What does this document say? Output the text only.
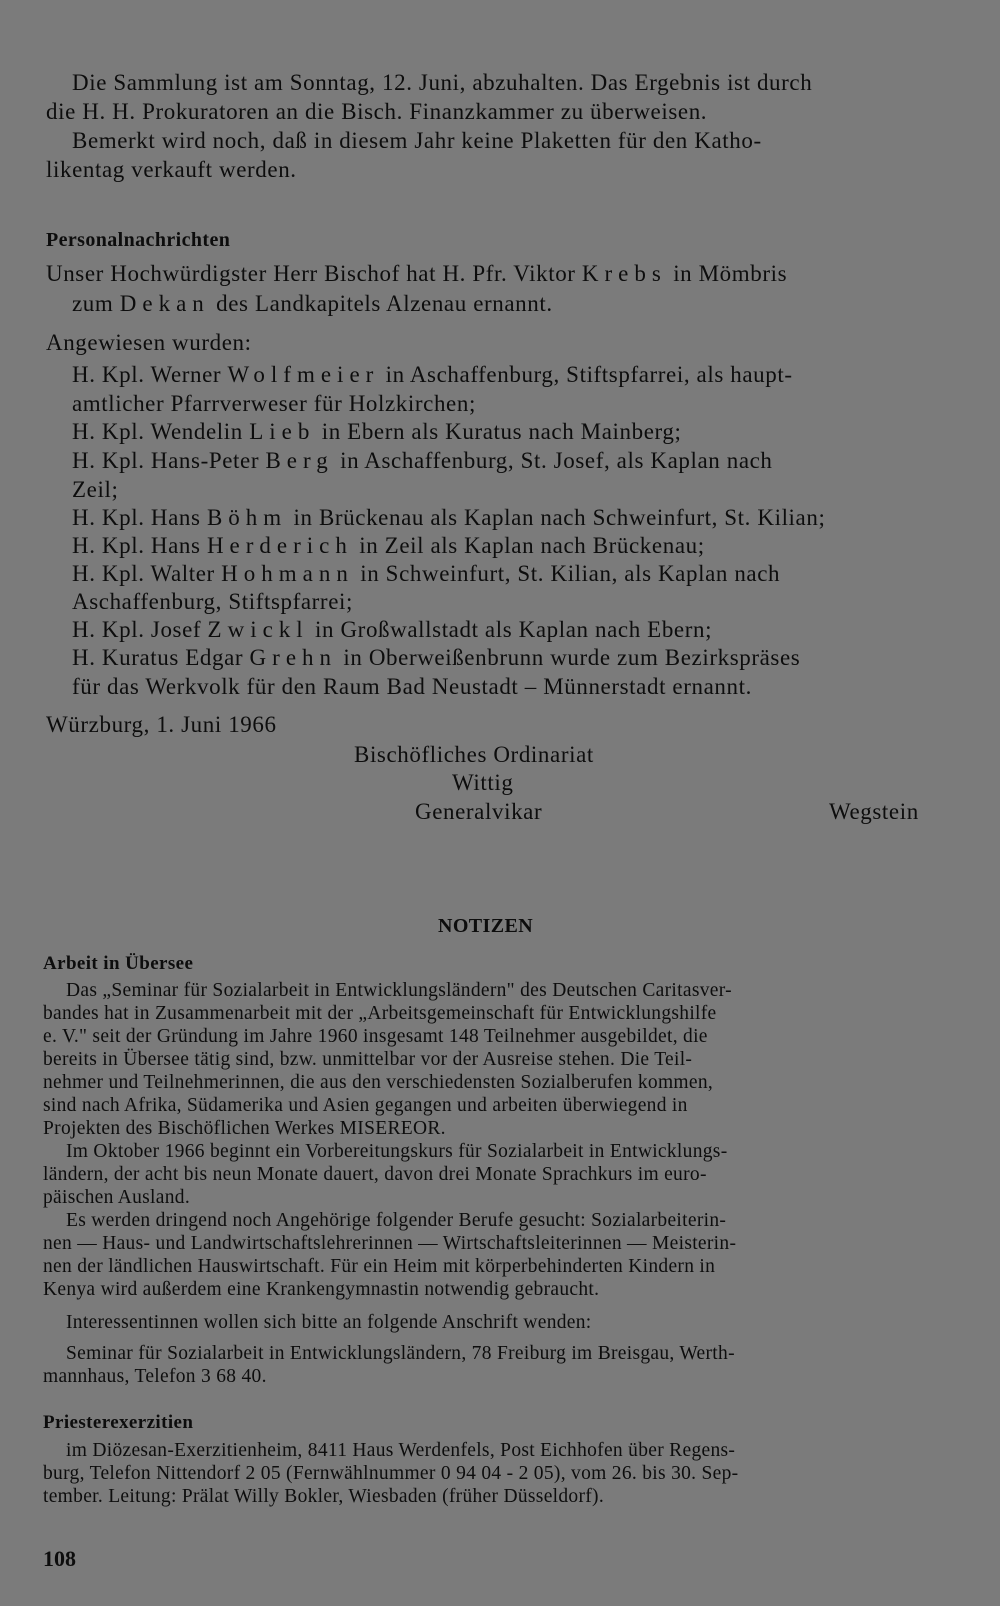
Die Sammlung ist am Sonntag, 12. Juni, abzuhalten. Das Ergebnis ist durch
die H. H. Prokuratoren an die Bisch. Finanzkammer zu überweisen.
Bemerkt wird noch, daß in diesem Jahr keine Plaketten für den Katho-
likentag verkauft werden.
Personalnachrichten
Unser Hochwürdigster Herr Bischof hat H. Pfr. Viktor Krebs in Mömbris
zum Dekan des Landkapitels Alzenau ernannt.
Angewiesen wurden:
H. Kpl. Werner Wolfmeier in Aschaffenburg, Stiftspfarrei, als haupt-
amtlicher Pfarrverweser für Holzkirchen;
H. Kpl. Wendelin Lieb in Ebern als Kuratus nach Mainberg;
H. Kpl. Hans-Peter Berg in Aschaffenburg, St. Josef, als Kaplan nach
Zeil;
H. Kpl. Hans Böhm in Brückenau als Kaplan nach Schweinfurt, St. Kilian;
H. Kpl. Hans Herderich in Zeil als Kaplan nach Brückenau;
H. Kpl. Walter Hohmann in Schweinfurt, St. Kilian, als Kaplan nach
Aschaffenburg, Stiftspfarrei;
H. Kpl. Josef Zwickl in Großwallstadt als Kaplan nach Ebern;
H. Kuratus Edgar Grehn in Oberweißenbrunn wurde zum Bezirkspräses
für das Werkvolk für den Raum Bad Neustadt – Münnerstadt ernannt.
Würzburg, 1. Juni 1966
Bischöfliches Ordinariat
Wittig
Generalvikar	Wegstein
NOTIZEN
Arbeit in Übersee
Das „Seminar für Sozialarbeit in Entwicklungsländern" des Deutschen Caritasver-
bandes hat in Zusammenarbeit mit der „Arbeitsgemeinschaft für Entwicklungshilfe
e. V." seit der Gründung im Jahre 1960 insgesamt 148 Teilnehmer ausgebildet, die
bereits in Übersee tätig sind, bzw. unmittelbar vor der Ausreise stehen. Die Teil-
nehmer und Teilnehmerinnen, die aus den verschiedensten Sozialberufen kommen,
sind nach Afrika, Südamerika und Asien gegangen und arbeiten überwiegend in
Projekten des Bischöflichen Werkes MISEREOR.
Im Oktober 1966 beginnt ein Vorbereitungskurs für Sozialarbeit in Entwicklungs-
ländern, der acht bis neun Monate dauert, davon drei Monate Sprachkurs im euro-
päischen Ausland.
Es werden dringend noch Angehörige folgender Berufe gesucht: Sozialarbeiterin-
nen — Haus- und Landwirtschaftslehrerinnen — Wirtschaftsleiterinnen — Meisterin-
nen der ländlichen Hauswirtschaft. Für ein Heim mit körperbehinderten Kindern in
Kenya wird außerdem eine Krankengymnastin notwendig gebraucht.
Interessentinnen wollen sich bitte an folgende Anschrift wenden:
Seminar für Sozialarbeit in Entwicklungsländern, 78 Freiburg im Breisgau, Werth-
mannhaus, Telefon 3 68 40.
Priesterexerzitien
im Diözesan-Exerzitienheim, 8411 Haus Werdenfels, Post Eichhofen über Regens-
burg, Telefon Nittendorf 2 05 (Fernwählnummer 0 94 04 - 2 05), vom 26. bis 30. Sep-
tember. Leitung: Prälat Willy Bokler, Wiesbaden (früher Düsseldorf).
108
